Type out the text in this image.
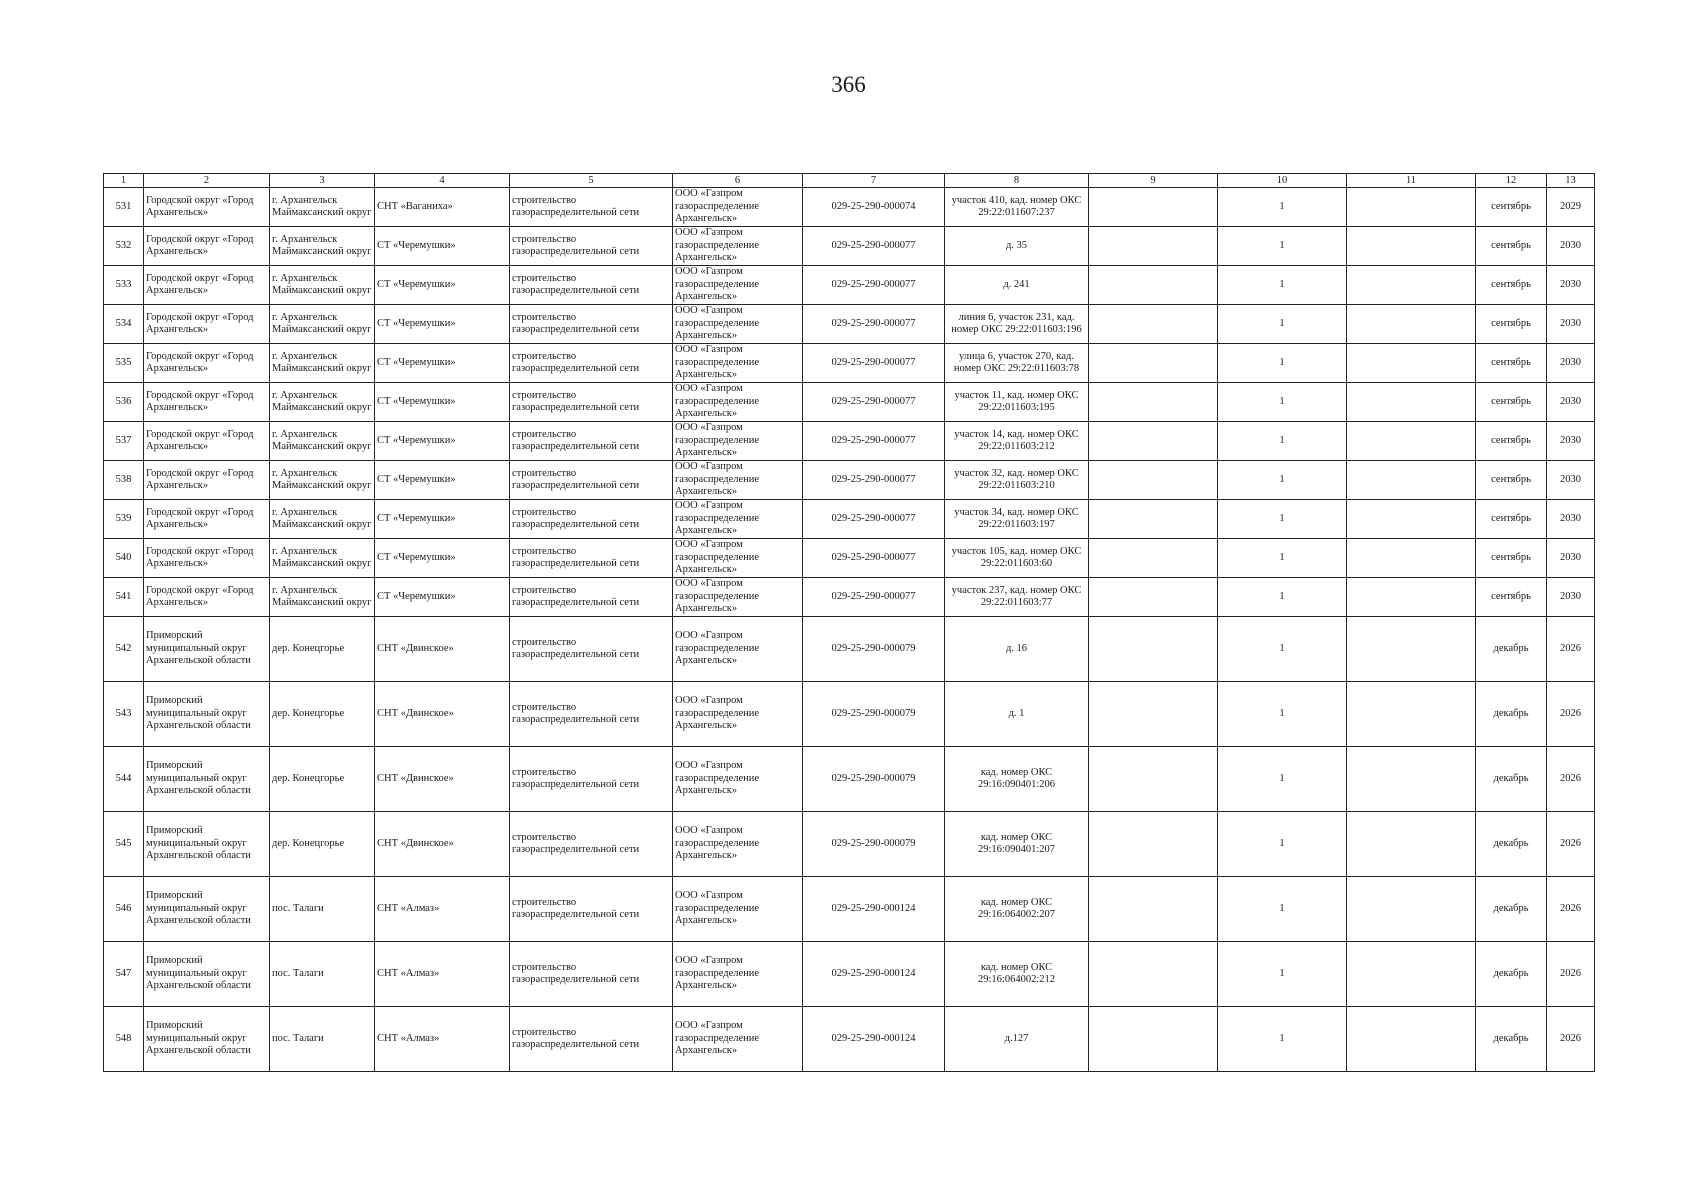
366
1	2	3	4	5	6	7	8	9	10	11	12	13
531	Городской округ «Город Архангельск»	г. Архангельск Маймаксанский округ	СНТ «Ваганиха»	строительство газораспределительной сети	ООО «Газпром газораспределение Архангельск»	029-25-290-000074	участок 410, кад. номер ОКС 29:22:011607:237		1		сентябрь	2029
532	Городской округ «Город Архангельск»	г. Архангельск Маймаксанский округ	СТ «Черемушки»	строительство газораспределительной сети	ООО «Газпром газораспределение Архангельск»	029-25-290-000077	д. 35		1		сентябрь	2030
533	Городской округ «Город Архангельск»	г. Архангельск Маймаксанский округ	СТ «Черемушки»	строительство газораспределительной сети	ООО «Газпром газораспределение Архангельск»	029-25-290-000077	д. 241		1		сентябрь	2030
534	Городской округ «Город Архангельск»	г. Архангельск Маймаксанский округ	СТ «Черемушки»	строительство газораспределительной сети	ООО «Газпром газораспределение Архангельск»	029-25-290-000077	линия 6, участок 231, кад. номер ОКС 29:22:011603:196		1		сентябрь	2030
535	Городской округ «Город Архангельск»	г. Архангельск Маймаксанский округ	СТ «Черемушки»	строительство газораспределительной сети	ООО «Газпром газораспределение Архангельск»	029-25-290-000077	улица 6, участок 270, кад. номер ОКС 29:22:011603:78		1		сентябрь	2030
536	Городской округ «Город Архангельск»	г. Архангельск Маймаксанский округ	СТ «Черемушки»	строительство газораспределительной сети	ООО «Газпром газораспределение Архангельск»	029-25-290-000077	участок 11, кад. номер ОКС 29:22:011603:195		1		сентябрь	2030
537	Городской округ «Город Архангельск»	г. Архангельск Маймаксанский округ	СТ «Черемушки»	строительство газораспределительной сети	ООО «Газпром газораспределение Архангельск»	029-25-290-000077	участок 14, кад. номер ОКС 29:22:011603:212		1		сентябрь	2030
538	Городской округ «Город Архангельск»	г. Архангельск Маймаксанский округ	СТ «Черемушки»	строительство газораспределительной сети	ООО «Газпром газораспределение Архангельск»	029-25-290-000077	участок 32, кад. номер ОКС 29:22:011603:210		1		сентябрь	2030
539	Городской округ «Город Архангельск»	г. Архангельск Маймаксанский округ	СТ «Черемушки»	строительство газораспределительной сети	ООО «Газпром газораспределение Архангельск»	029-25-290-000077	участок 34, кад. номер ОКС 29:22:011603:197		1		сентябрь	2030
540	Городской округ «Город Архангельск»	г. Архангельск Маймаксанский округ	СТ «Черемушки»	строительство газораспределительной сети	ООО «Газпром газораспределение Архангельск»	029-25-290-000077	участок 105, кад. номер ОКС 29:22:011603:60		1		сентябрь	2030
541	Городской округ «Город Архангельск»	г. Архангельск Маймаксанский округ	СТ «Черемушки»	строительство газораспределительной сети	ООО «Газпром газораспределение Архангельск»	029-25-290-000077	участок 237, кад. номер ОКС 29:22:011603:77		1		сентябрь	2030
542	Приморский муниципальный округ Архангельской области	дер. Конецгорье	СНТ «Двинское»	строительство газораспределительной сети	ООО «Газпром газораспределение Архангельск»	029-25-290-000079	д. 16		1		декабрь	2026
543	Приморский муниципальный округ Архангельской области	дер. Конецгорье	СНТ «Двинское»	строительство газораспределительной сети	ООО «Газпром газораспределение Архангельск»	029-25-290-000079	д. 1		1		декабрь	2026
544	Приморский муниципальный округ Архангельской области	дер. Конецгорье	СНТ «Двинское»	строительство газораспределительной сети	ООО «Газпром газораспределение Архангельск»	029-25-290-000079	кад. номер ОКС 29:16:090401:206		1		декабрь	2026
545	Приморский муниципальный округ Архангельской области	дер. Конецгорье	СНТ «Двинское»	строительство газораспределительной сети	ООО «Газпром газораспределение Архангельск»	029-25-290-000079	кад. номер ОКС 29:16:090401:207		1		декабрь	2026
546	Приморский муниципальный округ Архангельской области	пос. Талаги	СНТ «Алмаз»	строительство газораспределительной сети	ООО «Газпром газораспределение Архангельск»	029-25-290-000124	кад. номер ОКС 29:16:064002:207		1		декабрь	2026
547	Приморский муниципальный округ Архангельской области	пос. Талаги	СНТ «Алмаз»	строительство газораспределительной сети	ООО «Газпром газораспределение Архангельск»	029-25-290-000124	кад. номер ОКС 29:16:064002:212		1		декабрь	2026
548	Приморский муниципальный округ Архангельской области	пос. Талаги	СНТ «Алмаз»	строительство газораспределительной сети	ООО «Газпром газораспределение Архангельск»	029-25-290-000124	д.127		1		декабрь	2026
